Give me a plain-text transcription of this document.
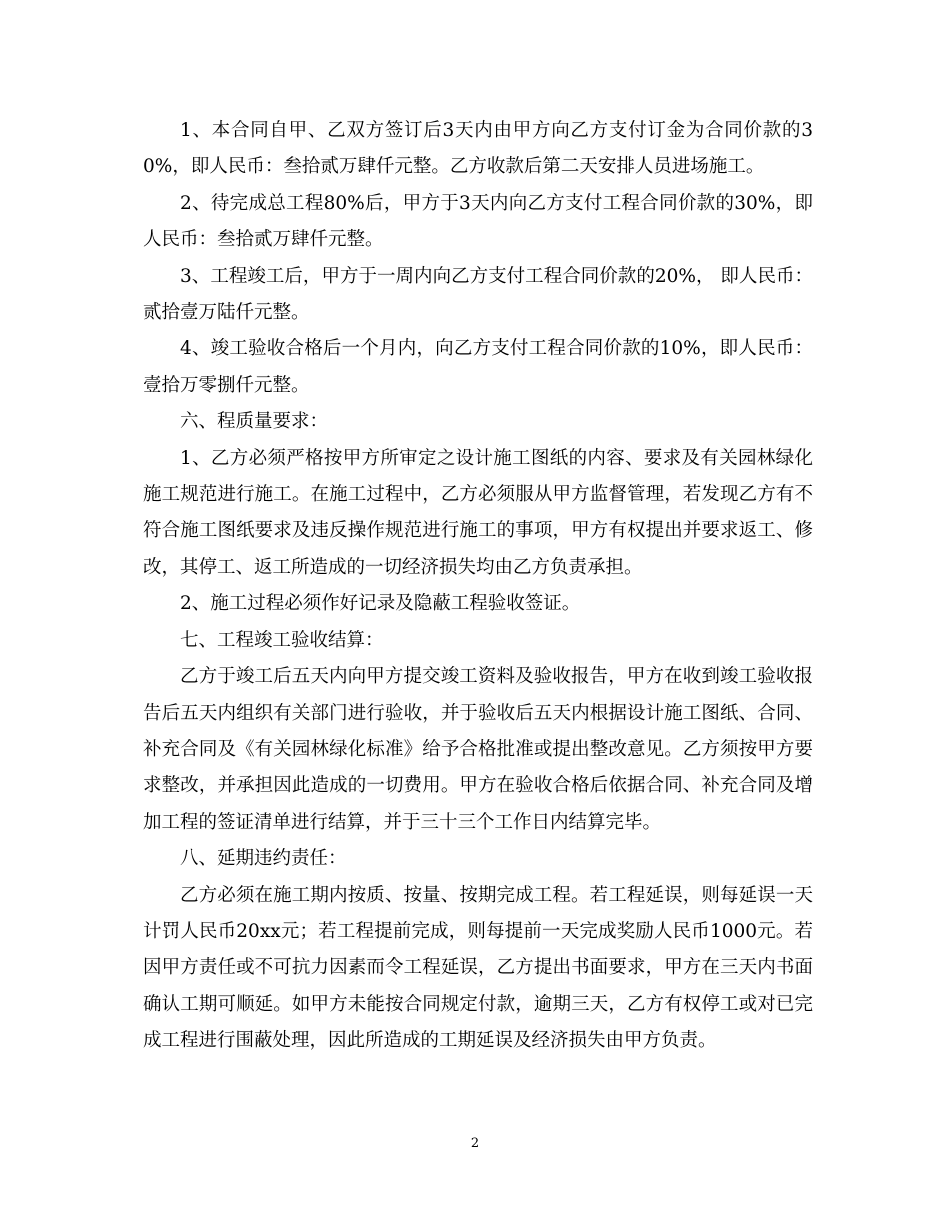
1、本合同自甲、乙双方签订后3天内由甲方向乙方支付订金为合同价款的30%，即人民币：叁拾贰万肆仟元整。乙方收款后第二天安排人员进场施工。

2、待完成总工程80%后，甲方于3天内向乙方支付工程合同价款的30%，即人民币：叁拾贰万肆仟元整。

3、工程竣工后，甲方于一周内向乙方支付工程合同价款的20%， 即人民币：贰拾壹万陆仟元整。

4、竣工验收合格后一个月内，向乙方支付工程合同价款的10%，即人民币：壹拾万零捌仟元整。

六、程质量要求：

1、乙方必须严格按甲方所审定之设计施工图纸的内容、要求及有关园林绿化施工规范进行施工。在施工过程中，乙方必须服从甲方监督管理，若发现乙方有不符合施工图纸要求及违反操作规范进行施工的事项，甲方有权提出并要求返工、修改，其停工、返工所造成的一切经济损失均由乙方负责承担。

2、施工过程必须作好记录及隐蔽工程验收签证。

七、工程竣工验收结算：

乙方于竣工后五天内向甲方提交竣工资料及验收报告，甲方在收到竣工验收报告后五天内组织有关部门进行验收，并于验收后五天内根据设计施工图纸、合同、补充合同及《有关园林绿化标准》给予合格批准或提出整改意见。乙方须按甲方要求整改，并承担因此造成的一切费用。甲方在验收合格后依据合同、补充合同及增加工程的签证清单进行结算，并于三十三个工作日内结算完毕。

八、延期违约责任：

乙方必须在施工期内按质、按量、按期完成工程。若工程延误，则每延误一天计罚人民币20xx元；若工程提前完成，则每提前一天完成奖励人民币1000元。若因甲方责任或不可抗力因素而令工程延误，乙方提出书面要求，甲方在三天内书面确认工期可顺延。如甲方未能按合同规定付款，逾期三天，乙方有权停工或对已完成工程进行围蔽处理，因此所造成的工期延误及经济损失由甲方负责。

2
